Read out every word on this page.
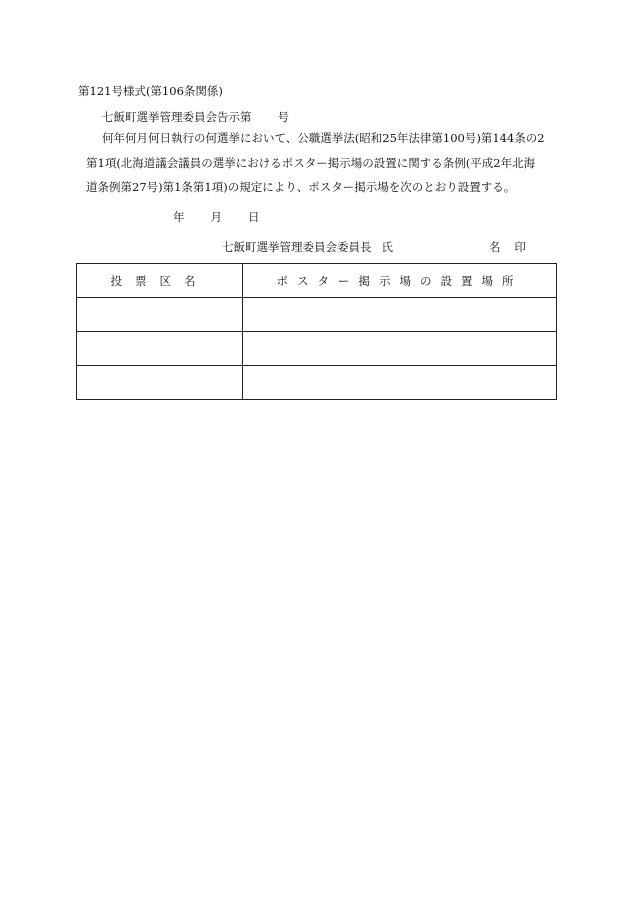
第121号様式(第106条関係)
七飯町選挙管理委員会告示第 号
何年何月何日執行の何選挙において、公職選挙法(昭和25年法律第100号)第144条の2
第1項(北海道議会議員の選挙におけるポスター掲示場の設置に関する条例(平成2年北海
道条例第27号)第1条第1項)の規定により、ポスター掲示場を次のとおり設置する。
年 月 日
七飯町選挙管理委員会委員長 氏	名 印
投票区名	ポスター掲示場の設置場所
